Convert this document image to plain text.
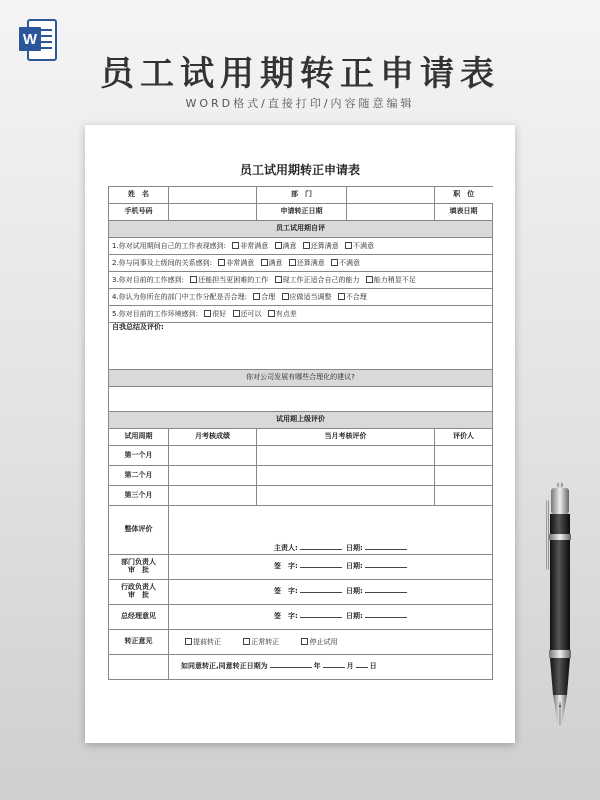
W
员工试用期转正申请表
WORD格式/直接打印/内容随意编辑
员工试用期转正申请表
姓　名		部　门		职　位
手机号码		申请转正日期		填表日期
员工试用期自评				
1.你对试用期间自己的工作表现感到: 非常满意 满意 还算满意 不满意				
2.你与同事及上级间的关系感到: 非常满意 满意 还算满意 不满意				
3.你对目前的工作感到: 还能担当更困难的工作 现工作正适合自己的能力 能力稍显不足				
4.你认为你所在的部门中工作分配是否合理: 合理 应做适当调整 不合理				
5.你对目前的工作环境感到: 很好 还可以 有点差				
自我总结及评价:				
你对公司发展有哪些合理化的建议?				

试用期上级评价				
试用周期	月考核成绩	当月考核评价		评价人
第一个月				
第二个月				
第三个月				
整体评价	主责人: 日期:			
部门负责人
审　批	签　字: 日期:			
行政负责人
审　批	签　字: 日期:			
总经理意见	签　字: 日期:			
转正意见	提前转正 正常转正 停止试用			
	如同意转正,同意转正日期为 年 月 日			
